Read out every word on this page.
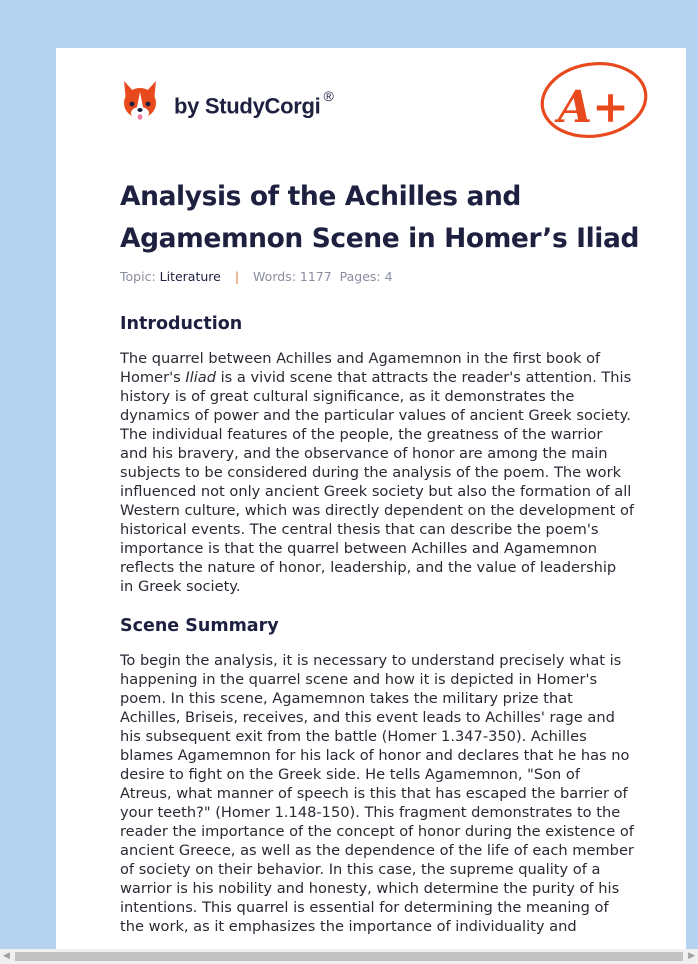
by StudyCorgi ®	A+
Analysis of the Achilles and Agamemnon Scene in Homer’s Iliad
Topic: Literature | Words: 1177 Pages: 4
Introduction

The quarrel between Achilles and Agamemnon in the first book of Homer's Iliad is a vivid scene that attracts the reader's attention. This history is of great cultural significance, as it demonstrates the dynamics of power and the particular values of ancient Greek society. The individual features of the people, the greatness of the warrior and his bravery, and the observance of honor are among the main subjects to be considered during the analysis of the poem. The work influenced not only ancient Greek society but also the formation of all Western culture, which was directly dependent on the development of historical events. The central thesis that can describe the poem's importance is that the quarrel between Achilles and Agamemnon reflects the nature of honor, leadership, and the value of leadership in Greek society.

Scene Summary

To begin the analysis, it is necessary to understand precisely what is happening in the quarrel scene and how it is depicted in Homer's poem. In this scene, Agamemnon takes the military prize that Achilles, Briseis, receives, and this event leads to Achilles' rage and his subsequent exit from the battle (Homer 1.347-350). Achilles blames Agamemnon for his lack of honor and declares that he has no desire to fight on the Greek side. He tells Agamemnon, "Son of Atreus, what manner of speech is this that has escaped the barrier of your teeth?" (Homer 1.148-150). This fragment demonstrates to the reader the importance of the concept of honor during the existence of ancient Greece, as well as the dependence of the life of each member of society on their behavior. In this case, the supreme quality of a warrior is his nobility and honesty, which determine the purity of his intentions. This quarrel is essential for determining the meaning of the work, as it emphasizes the importance of individuality and

◀	▶
